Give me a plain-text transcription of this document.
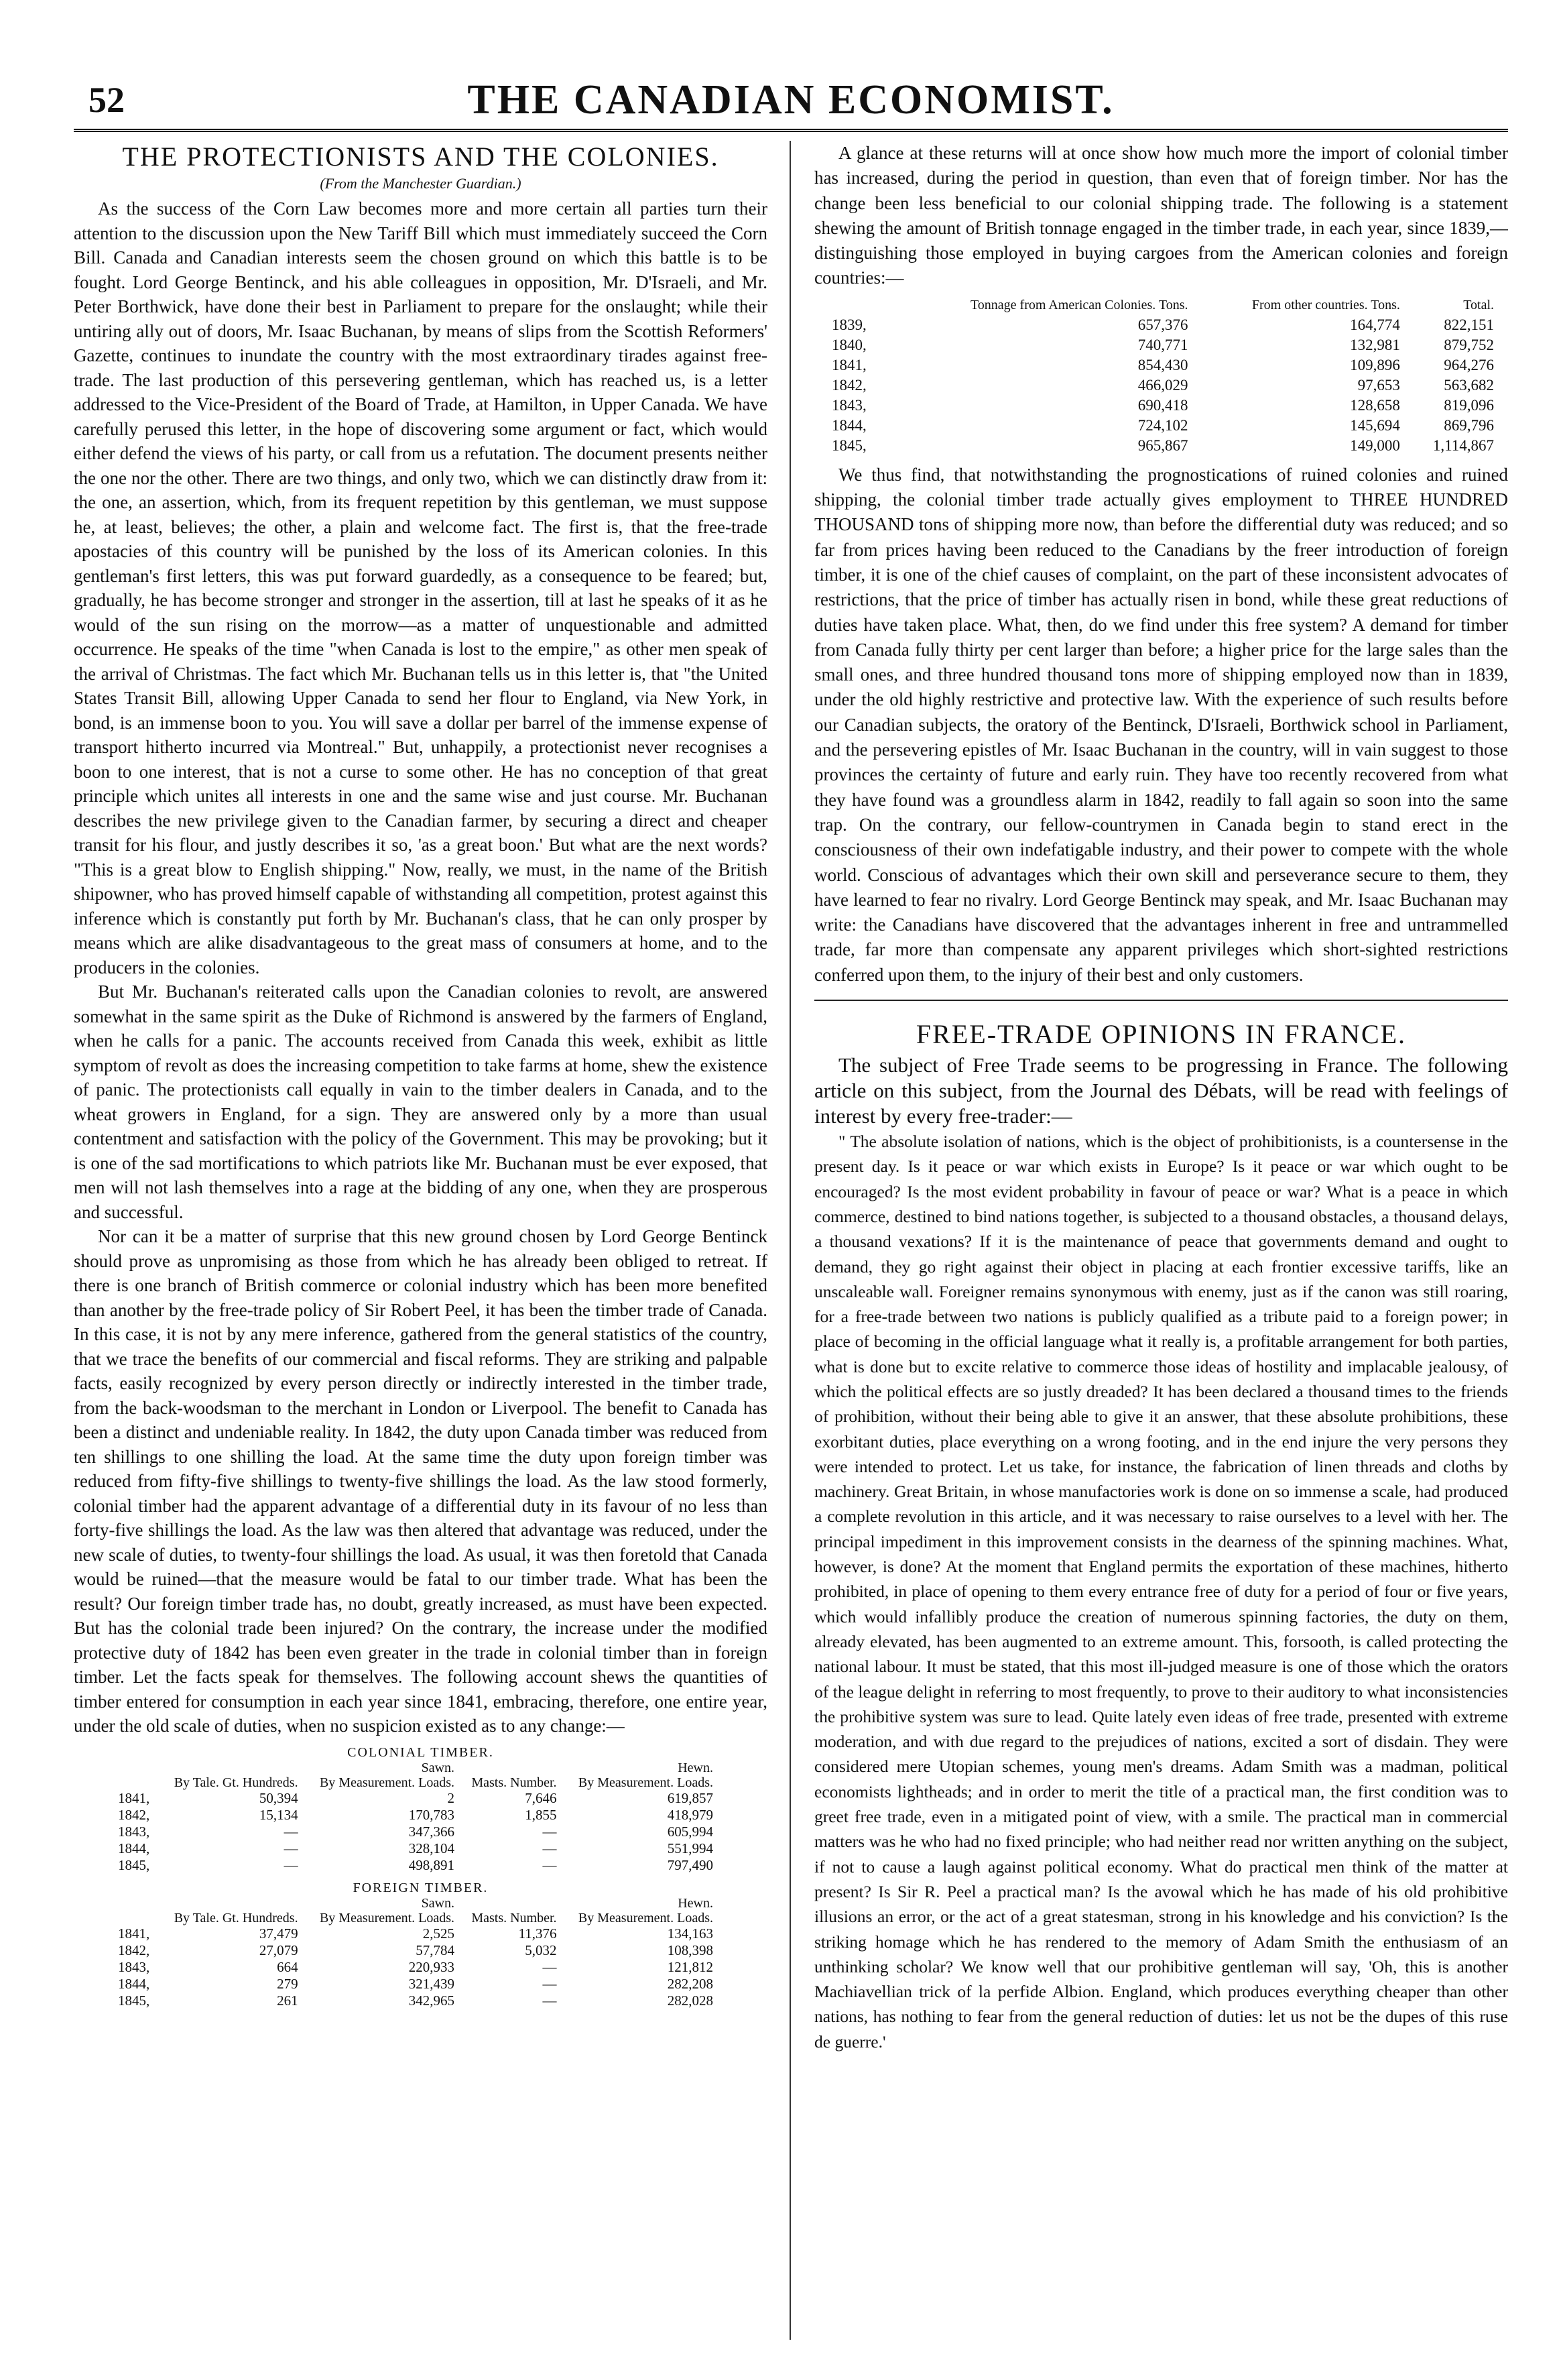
52	THE CANADIAN ECONOMIST.
THE PROTECTIONISTS AND THE COLONIES.
(From the Manchester Guardian.)

As the success of the Corn Law becomes more and more certain all parties turn their attention to the discussion upon the New Tariff Bill which must immediately succeed the Corn Bill. Canada and Canadian interests seem the chosen ground on which this battle is to be fought. Lord George Bentinck, and his able colleagues in opposition, Mr. D'Israeli, and Mr. Peter Borthwick, have done their best in Parliament to prepare for the onslaught; while their untiring ally out of doors, Mr. Isaac Buchanan, by means of slips from the Scottish Reformers' Gazette, continues to inundate the country with the most extraordinary tirades against free-trade. The last production of this persevering gentleman, which has reached us, is a letter addressed to the Vice-President of the Board of Trade, at Hamilton, in Upper Canada. We have carefully perused this letter, in the hope of discovering some argument or fact, which would either defend the views of his party, or call from us a refutation. The document presents neither the one nor the other. There are two things, and only two, which we can distinctly draw from it: the one, an assertion, which, from its frequent repetition by this gentleman, we must suppose he, at least, believes; the other, a plain and welcome fact. The first is, that the free-trade apostacies of this country will be punished by the loss of its American colonies. In this gentleman's first letters, this was put forward guardedly, as a consequence to be feared; but, gradually, he has become stronger and stronger in the assertion, till at last he speaks of it as he would of the sun rising on the morrow—as a matter of unquestionable and admitted occurrence. He speaks of the time "when Canada is lost to the empire," as other men speak of the arrival of Christmas. The fact which Mr. Buchanan tells us in this letter is, that "the United States Transit Bill, allowing Upper Canada to send her flour to England, via New York, in bond, is an immense boon to you. You will save a dollar per barrel of the immense expense of transport hitherto incurred via Montreal." But, unhappily, a protectionist never recognises a boon to one interest, that is not a curse to some other. He has no conception of that great principle which unites all interests in one and the same wise and just course. Mr. Buchanan describes the new privilege given to the Canadian farmer, by securing a direct and cheaper transit for his flour, and justly describes it so, 'as a great boon.' But what are the next words? "This is a great blow to English shipping." Now, really, we must, in the name of the British shipowner, who has proved himself capable of withstanding all competition, protest against this inference which is constantly put forth by Mr. Buchanan's class, that he can only prosper by means which are alike disadvantageous to the great mass of consumers at home, and to the producers in the colonies.

But Mr. Buchanan's reiterated calls upon the Canadian colonies to revolt, are answered somewhat in the same spirit as the Duke of Richmond is answered by the farmers of England, when he calls for a panic. The accounts received from Canada this week, exhibit as little symptom of revolt as does the increasing competition to take farms at home, shew the existence of panic. The protectionists call equally in vain to the timber dealers in Canada, and to the wheat growers in England, for a sign. They are answered only by a more than usual contentment and satisfaction with the policy of the Government. This may be provoking; but it is one of the sad mortifications to which patriots like Mr. Buchanan must be ever exposed, that men will not lash themselves into a rage at the bidding of any one, when they are prosperous and successful.

Nor can it be a matter of surprise that this new ground chosen by Lord George Bentinck should prove as unpromising as those from which he has already been obliged to retreat. If there is one branch of British commerce or colonial industry which has been more benefited than another by the free-trade policy of Sir Robert Peel, it has been the timber trade of Canada. In this case, it is not by any mere inference, gathered from the general statistics of the country, that we trace the benefits of our commercial and fiscal reforms. They are striking and palpable facts, easily recognized by every person directly or indirectly interested in the timber trade, from the back-woodsman to the merchant in London or Liverpool. The benefit to Canada has been a distinct and undeniable reality. In 1842, the duty upon Canada timber was reduced from ten shillings to one shilling the load. At the same time the duty upon foreign timber was reduced from fifty-five shillings to twenty-five shillings the load. As the law stood formerly, colonial timber had the apparent advantage of a differential duty in its favour of no less than forty-five shillings the load. As the law was then altered that advantage was reduced, under the new scale of duties, to twenty-four shillings the load. As usual, it was then foretold that Canada would be ruined—that the measure would be fatal to our timber trade. What has been the result? Our foreign timber trade has, no doubt, greatly increased, as must have been expected. But has the colonial trade been injured? On the contrary, the increase under the modified protective duty of 1842 has been even greater in the trade in colonial timber than in foreign timber. Let the facts speak for themselves. The following account shews the quantities of timber entered for consumption in each year since 1841, embracing, therefore, one entire year, under the old scale of duties, when no suspicion existed as to any change:—

COLONIAL TIMBER.
	Sawn.		Hewn.	
	By Tale. Gt. Hundreds.	By Measurement. Loads.	Masts. Number.	By Measurement. Loads.
1841,	50,394	2	7,646	619,857
1842,	15,134	170,783	1,855	418,979
1843,	—	347,366	—	605,994
1844,	—	328,104	—	551,994
1845,	—	498,891	—	797,490
FOREIGN TIMBER.
	Sawn.		Hewn.	
	By Tale. Gt. Hundreds.	By Measurement. Loads.	Masts. Number.	By Measurement. Loads.
1841,	37,479	2,525	11,376	134,163
1842,	27,079	57,784	5,032	108,398
1843,	664	220,933	—	121,812
1844,	279	321,439	—	282,208
1845,	261	342,965	—	282,028

A glance at these returns will at once show how much more the import of colonial timber has increased, during the period in question, than even that of foreign timber. Nor has the change been less beneficial to our colonial shipping trade. The following is a statement shewing the amount of British tonnage engaged in the timber trade, in each year, since 1839,—distinguishing those employed in buying cargoes from the American colonies and foreign countries:—

	Tonnage from American Colonies. Tons.	From other countries. Tons.	Total.
1839,	657,376	164,774	822,151
1840,	740,771	132,981	879,752
1841,	854,430	109,896	964,276
1842,	466,029	97,653	563,682
1843,	690,418	128,658	819,096
1844,	724,102	145,694	869,796
1845,	965,867	149,000	1,114,867

We thus find, that notwithstanding the prognostications of ruined colonies and ruined shipping, the colonial timber trade actually gives employment to THREE HUNDRED THOUSAND tons of shipping more now, than before the differential duty was reduced; and so far from prices having been reduced to the Canadians by the freer introduction of foreign timber, it is one of the chief causes of complaint, on the part of these inconsistent advocates of restrictions, that the price of timber has actually risen in bond, while these great reductions of duties have taken place. What, then, do we find under this free system? A demand for timber from Canada fully thirty per cent larger than before; a higher price for the large sales than the small ones, and three hundred thousand tons more of shipping employed now than in 1839, under the old highly restrictive and protective law. With the experience of such results before our Canadian subjects, the oratory of the Bentinck, D'Israeli, Borthwick school in Parliament, and the persevering epistles of Mr. Isaac Buchanan in the country, will in vain suggest to those provinces the certainty of future and early ruin. They have too recently recovered from what they have found was a groundless alarm in 1842, readily to fall again so soon into the same trap. On the contrary, our fellow-countrymen in Canada begin to stand erect in the consciousness of their own indefatigable industry, and their power to compete with the whole world. Conscious of advantages which their own skill and perseverance secure to them, they have learned to fear no rivalry. Lord George Bentinck may speak, and Mr. Isaac Buchanan may write: the Canadians have discovered that the advantages inherent in free and untrammelled trade, far more than compensate any apparent privileges which short-sighted restrictions conferred upon them, to the injury of their best and only customers.

FREE-TRADE OPINIONS IN FRANCE.

The subject of Free Trade seems to be progressing in France. The following article on this subject, from the Journal des Débats, will be read with feelings of interest by every free-trader:—

" The absolute isolation of nations, which is the object of prohibitionists, is a countersense in the present day. Is it peace or war which exists in Europe? Is it peace or war which ought to be encouraged? Is the most evident probability in favour of peace or war? What is a peace in which commerce, destined to bind nations together, is subjected to a thousand obstacles, a thousand delays, a thousand vexations? If it is the maintenance of peace that governments demand and ought to demand, they go right against their object in placing at each frontier excessive tariffs, like an unscaleable wall. Foreigner remains synonymous with enemy, just as if the canon was still roaring, for a free-trade between two nations is publicly qualified as a tribute paid to a foreign power; in place of becoming in the official language what it really is, a profitable arrangement for both parties, what is done but to excite relative to commerce those ideas of hostility and implacable jealousy, of which the political effects are so justly dreaded? It has been declared a thousand times to the friends of prohibition, without their being able to give it an answer, that these absolute prohibitions, these exorbitant duties, place everything on a wrong footing, and in the end injure the very persons they were intended to protect. Let us take, for instance, the fabrication of linen threads and cloths by machinery. Great Britain, in whose manufactories work is done on so immense a scale, had produced a complete revolution in this article, and it was necessary to raise ourselves to a level with her. The principal impediment in this improvement consists in the dearness of the spinning machines. What, however, is done? At the moment that England permits the exportation of these machines, hitherto prohibited, in place of opening to them every entrance free of duty for a period of four or five years, which would infallibly produce the creation of numerous spinning factories, the duty on them, already elevated, has been augmented to an extreme amount. This, forsooth, is called protecting the national labour. It must be stated, that this most ill-judged measure is one of those which the orators of the league delight in referring to most frequently, to prove to their auditory to what inconsistencies the prohibitive system was sure to lead. Quite lately even ideas of free trade, presented with extreme moderation, and with due regard to the prejudices of nations, excited a sort of disdain. They were considered mere Utopian schemes, young men's dreams. Adam Smith was a madman, political economists lightheads; and in order to merit the title of a practical man, the first condition was to greet free trade, even in a mitigated point of view, with a smile. The practical man in commercial matters was he who had no fixed principle; who had neither read nor written anything on the subject, if not to cause a laugh against political economy. What do practical men think of the matter at present? Is Sir R. Peel a practical man? Is the avowal which he has made of his old prohibitive illusions an error, or the act of a great statesman, strong in his knowledge and his conviction? Is the striking homage which he has rendered to the memory of Adam Smith the enthusiasm of an unthinking scholar? We know well that our prohibitive gentleman will say, 'Oh, this is another Machiavellian trick of la perfide Albion. England, which produces everything cheaper than other nations, has nothing to fear from the general reduction of duties: let us not be the dupes of this ruse de guerre.'
